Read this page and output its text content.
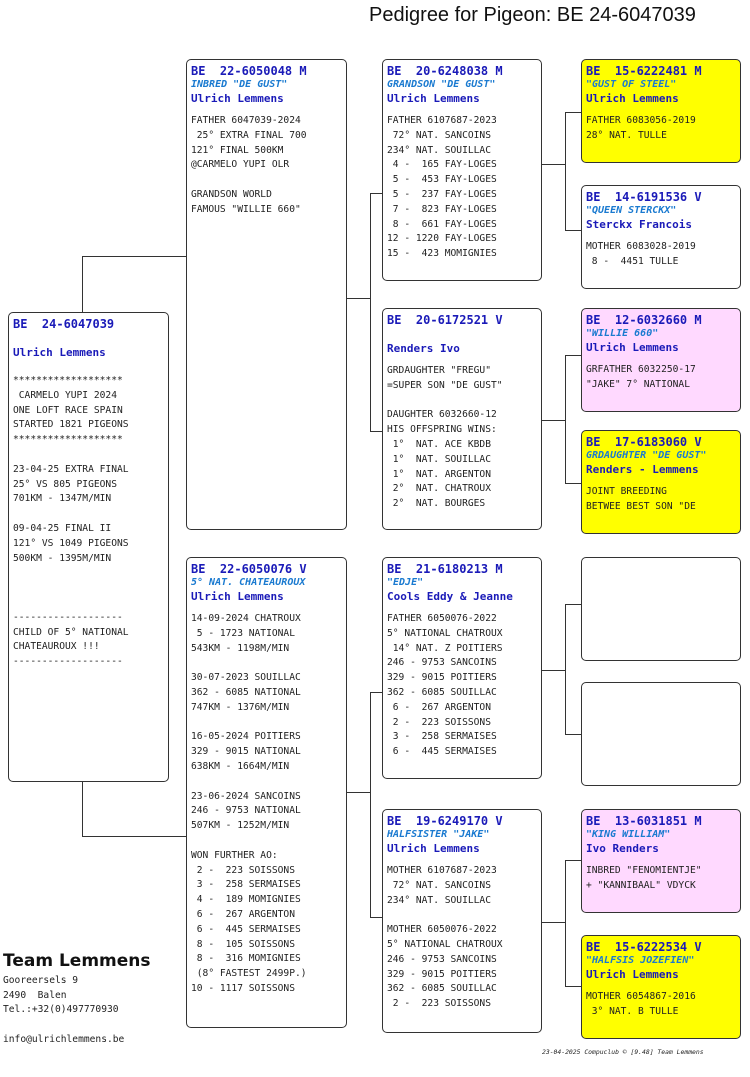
Pedigree for Pigeon: BE 24-6047039
BE  24-6047039
Ulrich Lemmens
*******************
CARMELO YUPI 2024
ONE LOFT RACE SPAIN
STARTED 1821 PIGEONS
*******************

23-04-25 EXTRA FINAL
25° VS 805 PIGEONS
701KM - 1347M/MIN

09-04-25 FINAL II
121° VS 1049 PIGEONS
500KM - 1395M/MIN

-------------------
CHILD OF 5° NATIONAL
CHATEAUROUX !!!
-------------------
BE  22-6050048 M
INBRED "DE GUST"
Ulrich Lemmens
FATHER 6047039-2024
25° EXTRA FINAL 700
121° FINAL 500KM
@CARMELO YUPI OLR

GRANDSON WORLD
FAMOUS "WILLIE 660"
BE  22-6050076 V
5° NAT. CHATEAUROUX
Ulrich Lemmens
14-09-2024 CHATROUX
5 - 1723 NATIONAL
543KM - 1198M/MIN

30-07-2023 SOUILLAC
362 - 6085 NATIONAL
747KM - 1376M/MIN

16-05-2024 POITIERS
329 - 9015 NATIONAL
638KM - 1664M/MIN

23-06-2024 SANCOINS
246 - 9753 NATIONAL
507KM - 1252M/MIN

WON FURTHER AO:
2 -  223 SOISSONS
3 -  258 SERMAISES
4 -  189 MOMIGNIES
6 -  267 ARGENTON
6 -  445 SERMAISES
8 -  105 SOISSONS
8 -  316 MOMIGNIES
(8° FASTEST 2499P.)
10 - 1117 SOISSONS
BE  20-6248038 M
GRANDSON "DE GUST"
Ulrich Lemmens
FATHER 6107687-2023
72° NAT. SANCOINS
234° NAT. SOUILLAC
4 -  165 FAY-LOGES
5 -  453 FAY-LOGES
5 -  237 FAY-LOGES
7 -  823 FAY-LOGES
8 -  661 FAY-LOGES
12 - 1220 FAY-LOGES
15 -  423 MOMIGNIES
BE  20-6172521 V
Renders Ivo
GRDAUGHTER "FREGU"
=SUPER SON "DE GUST"

DAUGHTER 6032660-12
HIS OFFSPRING WINS:
1°  NAT. ACE KBDB
1°  NAT. SOUILLAC
1°  NAT. ARGENTON
2°  NAT. CHATROUX
2°  NAT. BOURGES
BE  21-6180213 M
"EDJE"
Cools Eddy & Jeanne
FATHER 6050076-2022
5° NATIONAL CHATROUX
14° NAT. Z POITIERS
246 - 9753 SANCOINS
329 - 9015 POITIERS
362 - 6085 SOUILLAC
6 -  267 ARGENTON
2 -  223 SOISSONS
3 -  258 SERMAISES
6 -  445 SERMAISES
BE  19-6249170 V
HALFSISTER "JAKE"
Ulrich Lemmens
MOTHER 6107687-2023
72° NAT. SANCOINS
234° NAT. SOUILLAC

MOTHER 6050076-2022
5° NATIONAL CHATROUX
246 - 9753 SANCOINS
329 - 9015 POITIERS
362 - 6085 SOUILLAC
2 -  223 SOISSONS
BE  15-6222481 M
"GUST OF STEEL"
Ulrich Lemmens
FATHER 6083056-2019
28° NAT. TULLE
BE  14-6191536 V
"QUEEN STERCKX"
Sterckx Francois
MOTHER 6083028-2019
8 -  4451 TULLE
BE  12-6032660 M
"WILLIE 660"
Ulrich Lemmens
GRFATHER 6032250-17
"JAKE" 7° NATIONAL
BE  17-6183060 V
GRDAUGHTER "DE GUST"
Renders - Lemmens
JOINT BREEDING
BETWEE BEST SON "DE
BE  13-6031851 M
"KING WILLIAM"
Ivo Renders
INBRED "FENOMIENTJE"
+ "KANNIBAAL" VDYCK
BE  15-6222534 V
"HALFSIS JOZEFIEN"
Ulrich Lemmens
MOTHER 6054867-2016
3° NAT. B TULLE
Team Lemmens
Gooreersels 9
2490  Balen
Tel.:+32(0)497770930
info@ulrichlemmens.be
23-04-2025 Compuclub © [9.48] Team Lemmens
